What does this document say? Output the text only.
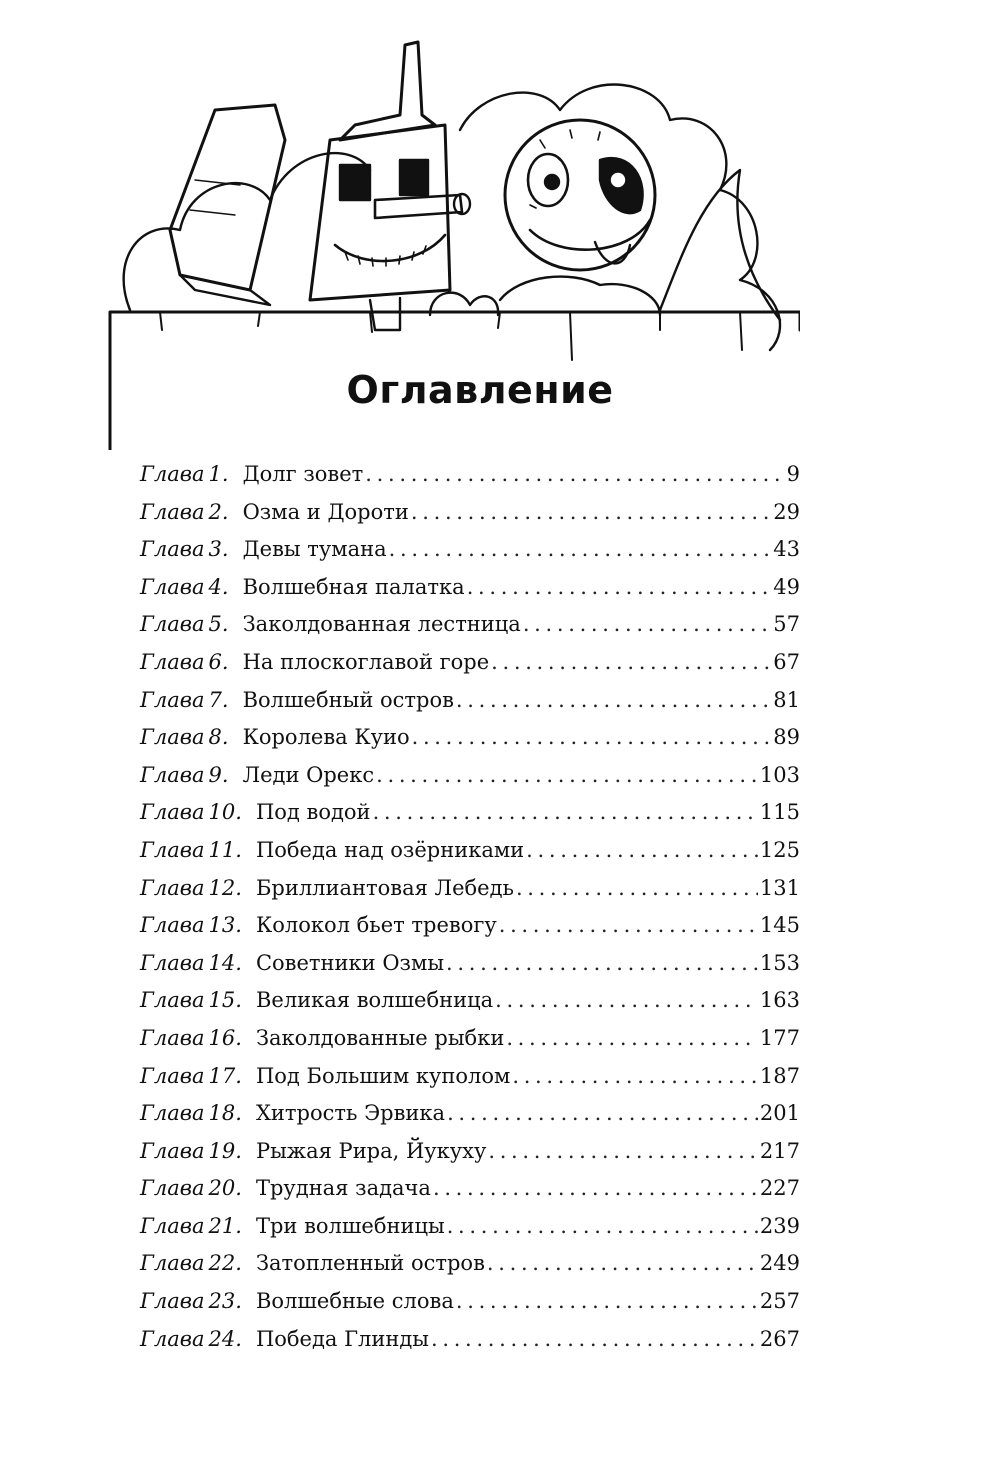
Оглавление
Глава 1. Долг зовет . . .	9
Глава 2. Озма и Дороти . . .	29
Глава 3. Девы тумана . . .	43
Глава 4. Волшебная палатка . . .	49
Глава 5. Заколдованная лестница . . .	57
Глава 6. На плоскоглавой горе . . .	67
Глава 7. Волшебный остров . . .	81
Глава 8. Королева Куио . . .	89
Глава 9. Леди Орекс . . .	103
Глава 10. Под водой . . .	115
Глава 11. Победа над озёрниками . . .	125
Глава 12. Бриллиантовая Лебедь . . .	131
Глава 13. Колокол бьет тревогу . . .	145
Глава 14. Советники Озмы . . .	153
Глава 15. Великая волшебница . . .	163
Глава 16. Заколдованные рыбки . . .	177
Глава 17. Под Большим куполом . . .	187
Глава 18. Хитрость Эрвика . . .	201
Глава 19. Рыжая Рира, Йукуху . . .	217
Глава 20. Трудная задача . . .	227
Глава 21. Три волшебницы . . .	239
Глава 22. Затопленный остров . . .	249
Глава 23. Волшебные слова . . .	257
Глава 24. Победа Глинды . . .	267
